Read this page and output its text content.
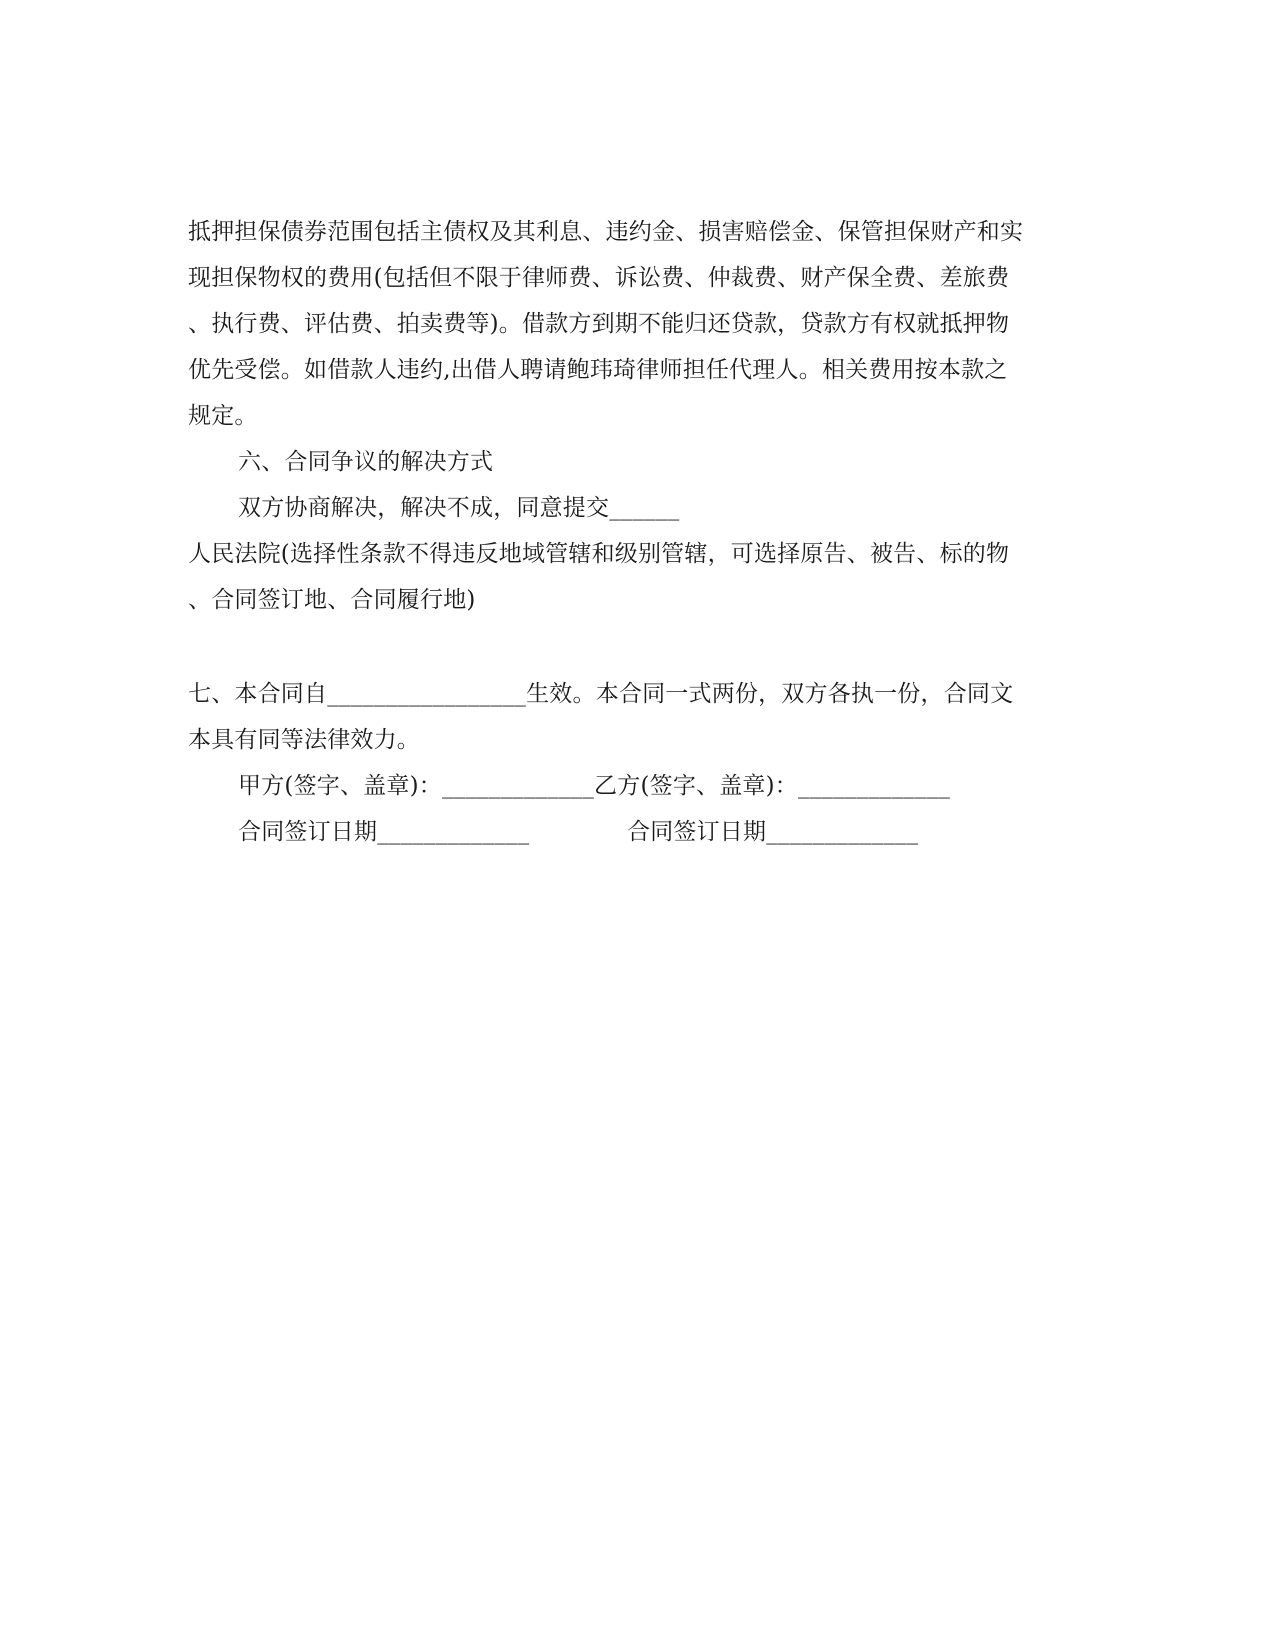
抵押担保债券范围包括主债权及其利息、违约金、损害赔偿金、保管担保财产和实
现担保物权的费用(包括但不限于律师费、诉讼费、仲裁费、财产保全费、差旅费
、执行费、评估费、拍卖费等)。借款方到期不能归还贷款，贷款方有权就抵押物
优先受偿。如借款人违约,出借人聘请鲍玮琦律师担任代理人。相关费用按本款之
规定。
六、合同争议的解决方式
双方协商解决，解决不成，同意提交______
人民法院(选择性条款不得违反地域管辖和级别管辖，可选择原告、被告、标的物
、合同签订地、合同履行地)
七、本合同自_________________生效。本合同一式两份，双方各执一份，合同文
本具有同等法律效力。
甲方(签字、盖章)：_____________乙方(签字、盖章)：_____________
合同签订日期_____________	合同签订日期_____________
